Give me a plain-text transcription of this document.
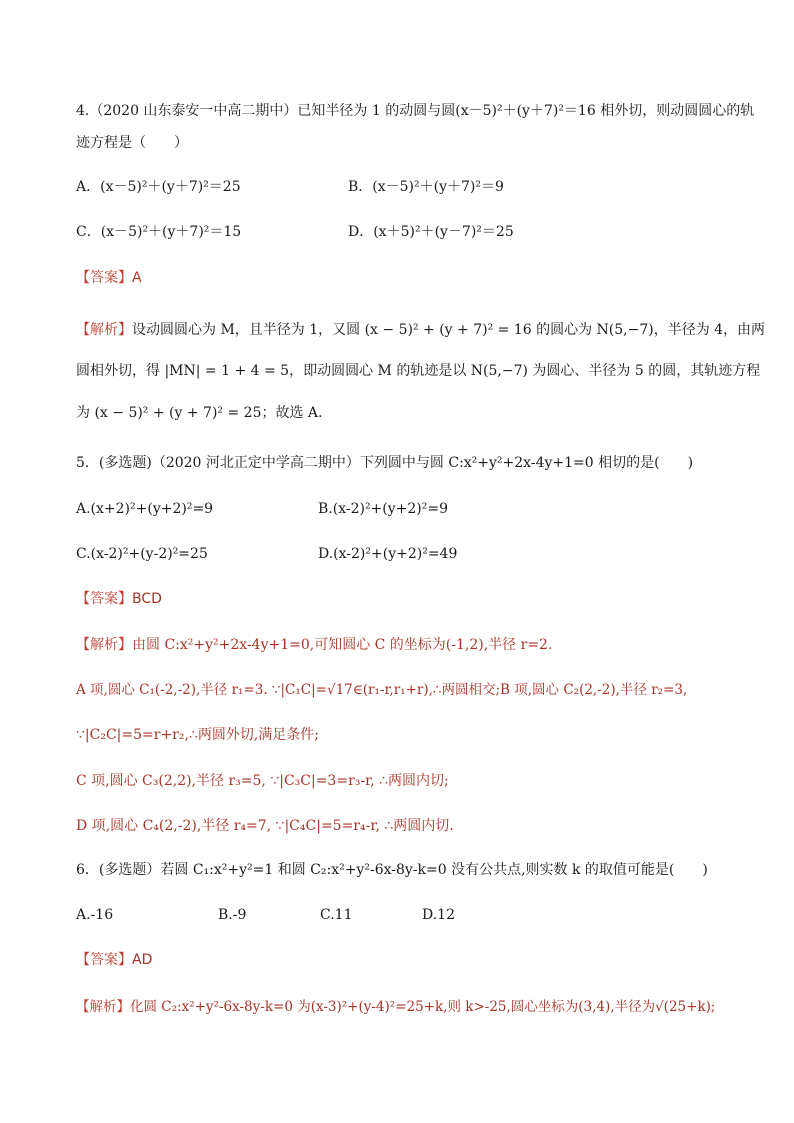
4.（2020 山东泰安一中高二期中）已知半径为 1 的动圆与圆(x－5)²＋(y＋7)²＝16 相外切，则动圆圆心的轨
迹方程是（　　）
A．(x－5)²＋(y＋7)²＝25	B．(x－5)²＋(y＋7)²＝9
C．(x－5)²＋(y＋7)²＝15	D．(x＋5)²＋(y－7)²＝25
【答案】A
【解析】设动圆圆心为 M，且半径为 1，又圆 (x − 5)² + (y + 7)² = 16 的圆心为 N(5,−7)，半径为 4，由两
圆相外切，得 |MN| = 1 + 4 = 5，即动圆圆心 M 的轨迹是以 N(5,−7) 为圆心、半径为 5 的圆，其轨迹方程
为 (x − 5)² + (y + 7)² = 25；故选 A.
5．(多选题)（2020 河北正定中学高二期中）下列圆中与圆 C:x²+y²+2x-4y+1=0 相切的是(　　)
A.(x+2)²+(y+2)²=9	B.(x-2)²+(y+2)²=9
C.(x-2)²+(y-2)²=25	D.(x-2)²+(y+2)²=49
【答案】BCD
【解析】由圆 C:x²+y²+2x-4y+1=0,可知圆心 C 的坐标为(-1,2),半径 r=2.
A 项,圆心 C₁(-2,-2),半径 r₁=3. ∵|C₁C|=√17∈(r₁-r,r₁+r),∴两圆相交;B 项,圆心 C₂(2,-2),半径 r₂=3,
∵|C₂C|=5=r+r₂,∴两圆外切,满足条件;
C 项,圆心 C₃(2,2),半径 r₃=5, ∵|C₃C|=3=r₃-r, ∴两圆内切;
D 项,圆心 C₄(2,-2),半径 r₄=7, ∵|C₄C|=5=r₄-r, ∴两圆内切.
6．(多选题）若圆 C₁:x²+y²=1 和圆 C₂:x²+y²-6x-8y-k=0 没有公共点,则实数 k 的取值可能是(　　)
A.-16	B.-9	C.11	D.12
【答案】AD
【解析】化圆 C₂:x²+y²-6x-8y-k=0 为(x-3)²+(y-4)²=25+k,则 k>-25,圆心坐标为(3,4),半径为√(25+k);
